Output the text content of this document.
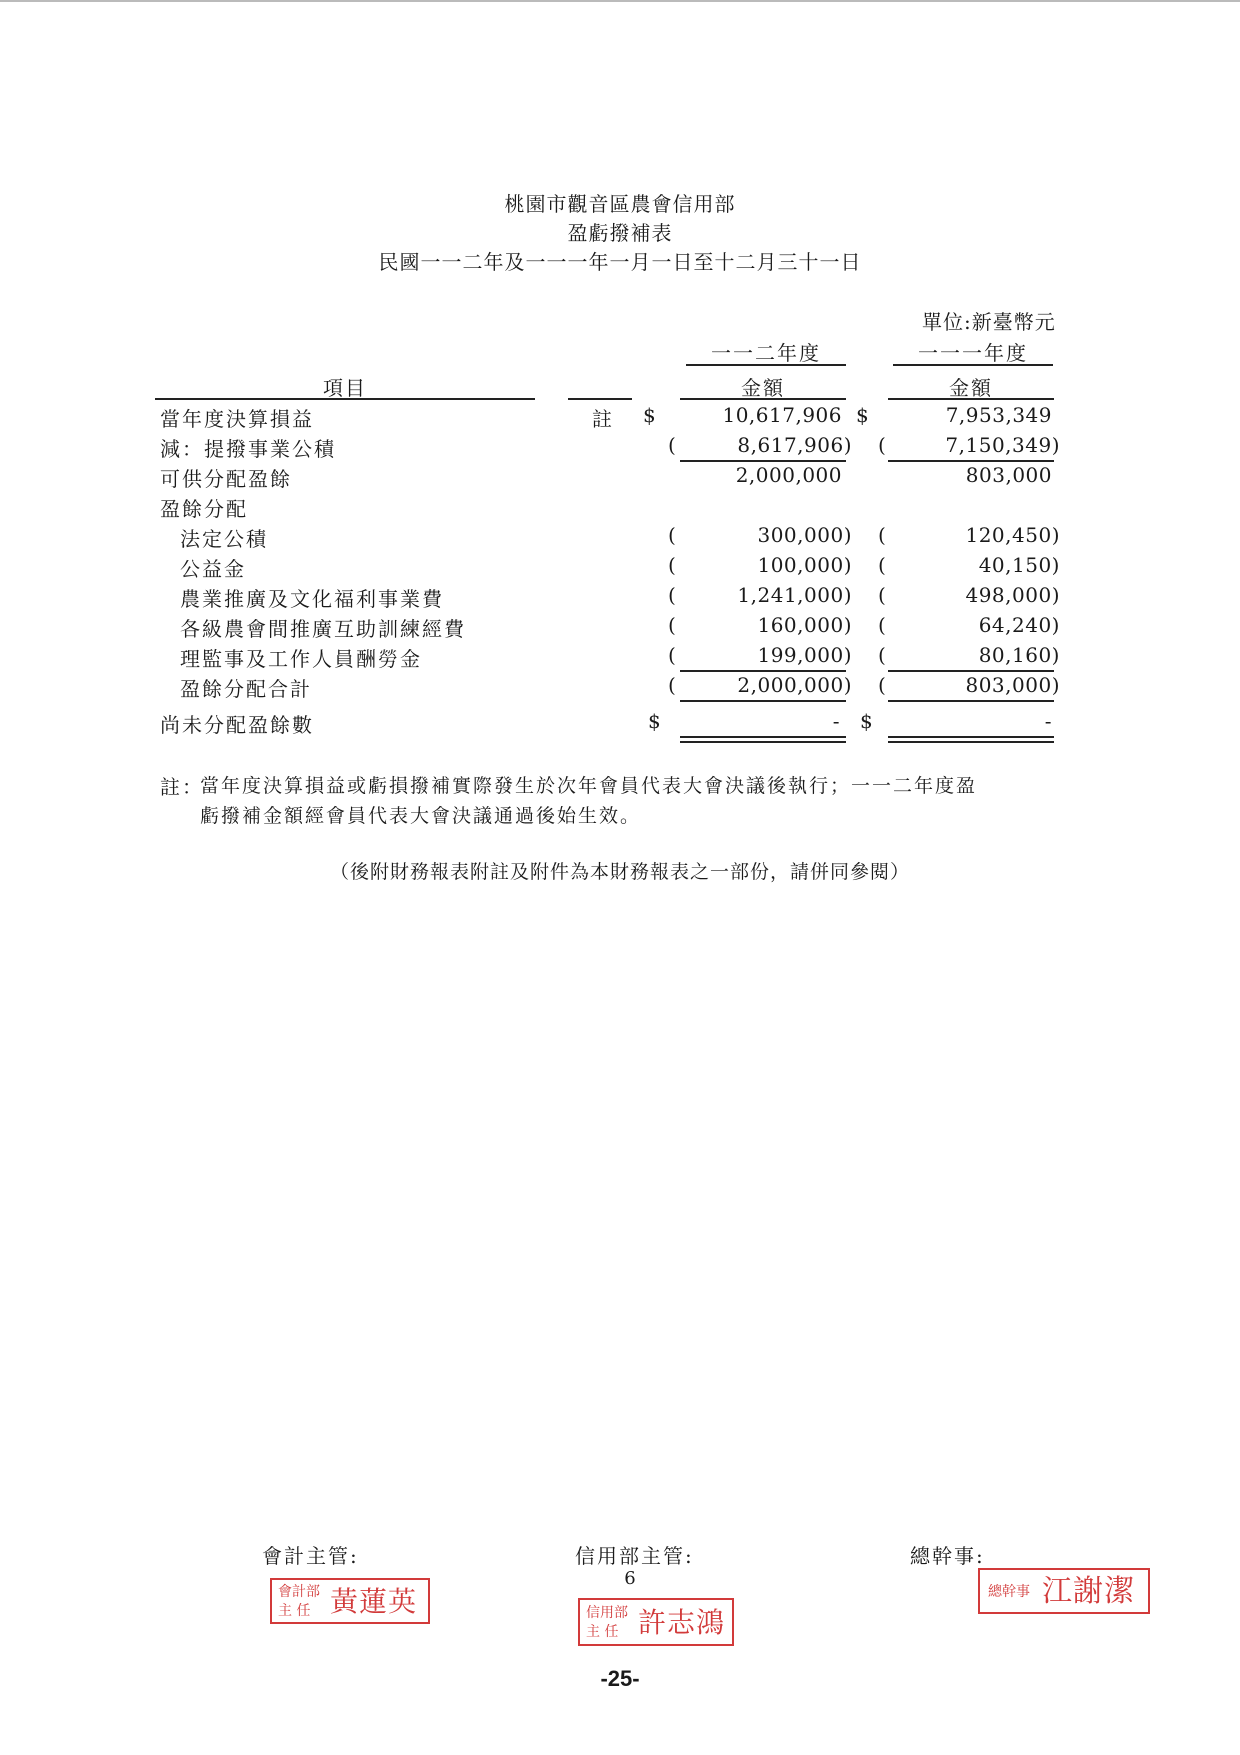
桃園市觀音區農會信用部
盈虧撥補表
民國一一二年及一一一年一月一日至十二月三十一日
單位:新臺幣元
一一二年度	一一一年度
項目	金額	金額
當年度決算損益	註 $	10,617,906 $	7,953,349
減：提撥事業公積	(	8,617,906) (	7,150,349)
可供分配盈餘	2,000,000	803,000
盈餘分配
法定公積	(	300,000) (	120,450)
公益金	(	100,000) (	40,150)
農業推廣及文化福利事業費	(	1,241,000) (	498,000)
各級農會間推廣互助訓練經費	(	160,000) (	64,240)
理監事及工作人員酬勞金	(	199,000) (	80,160)
盈餘分配合計	(	2,000,000) (	803,000)
尚未分配盈餘數	$	- $	-
註：
當年度決算損益或虧損撥補實際發生於次年會員代表大會決議後執行；一一二年度盈
虧撥補金額經會員代表大會決議通過後始生效。
（後附財務報表附註及附件為本財務報表之一部份，請併同參閱）
會計主管:	信用部主管:	總幹事:
6
會計部
主 任 黃蓮英	信用部
主 任 許志鴻
總幹事 江謝潔
-25-
